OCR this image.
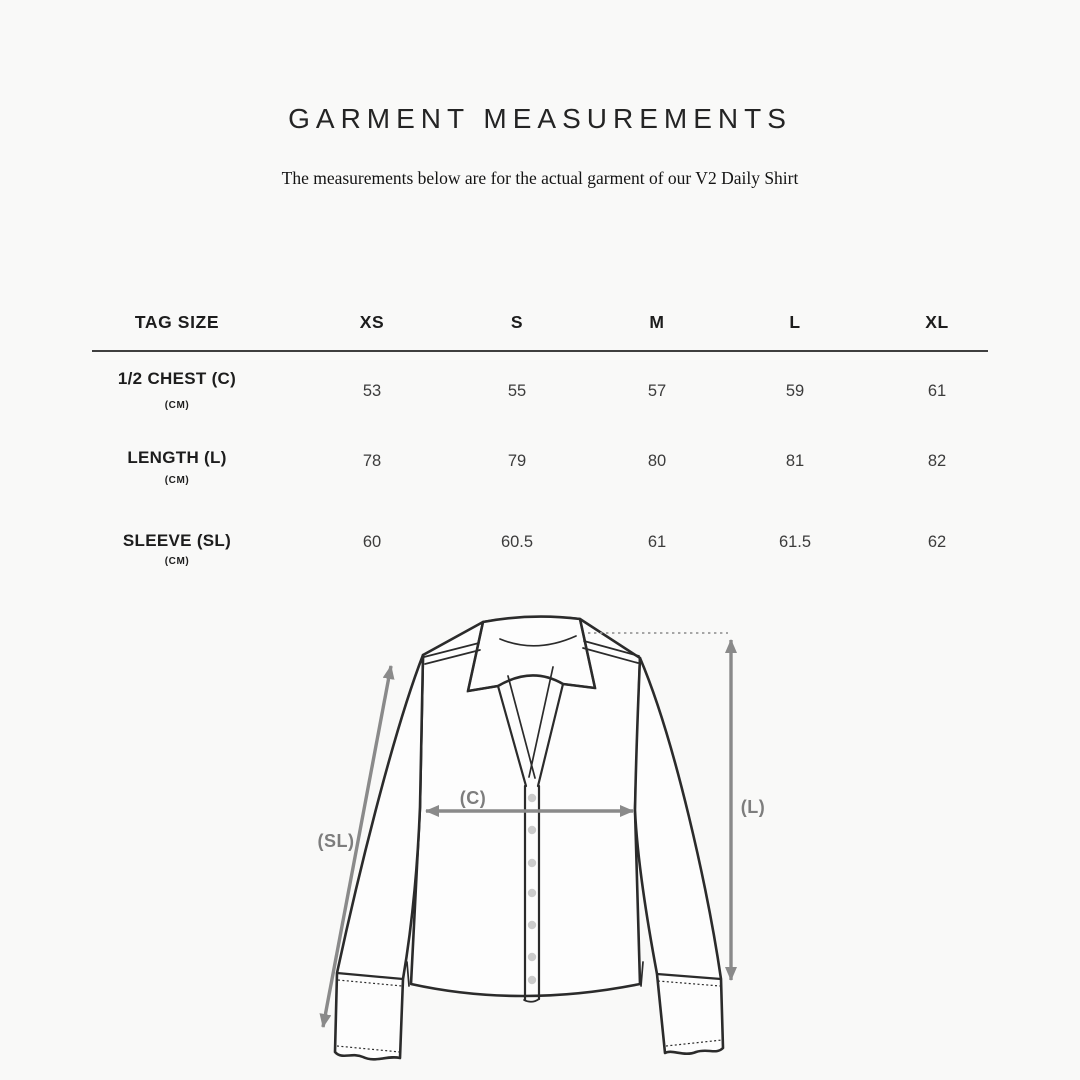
GARMENT MEASUREMENTS

The measurements below are for the actual garment of our V2 Daily Shirt

TAG SIZE	XS	S	M	L	XL
1/2 CHEST (C)
(CM)
53	55	57	59	61
LENGTH (L)
(CM)
78	79	80	81	82
SLEEVE (SL)
(CM)
60	60.5	61	61.5	62
(C)	(L)
(SL)
